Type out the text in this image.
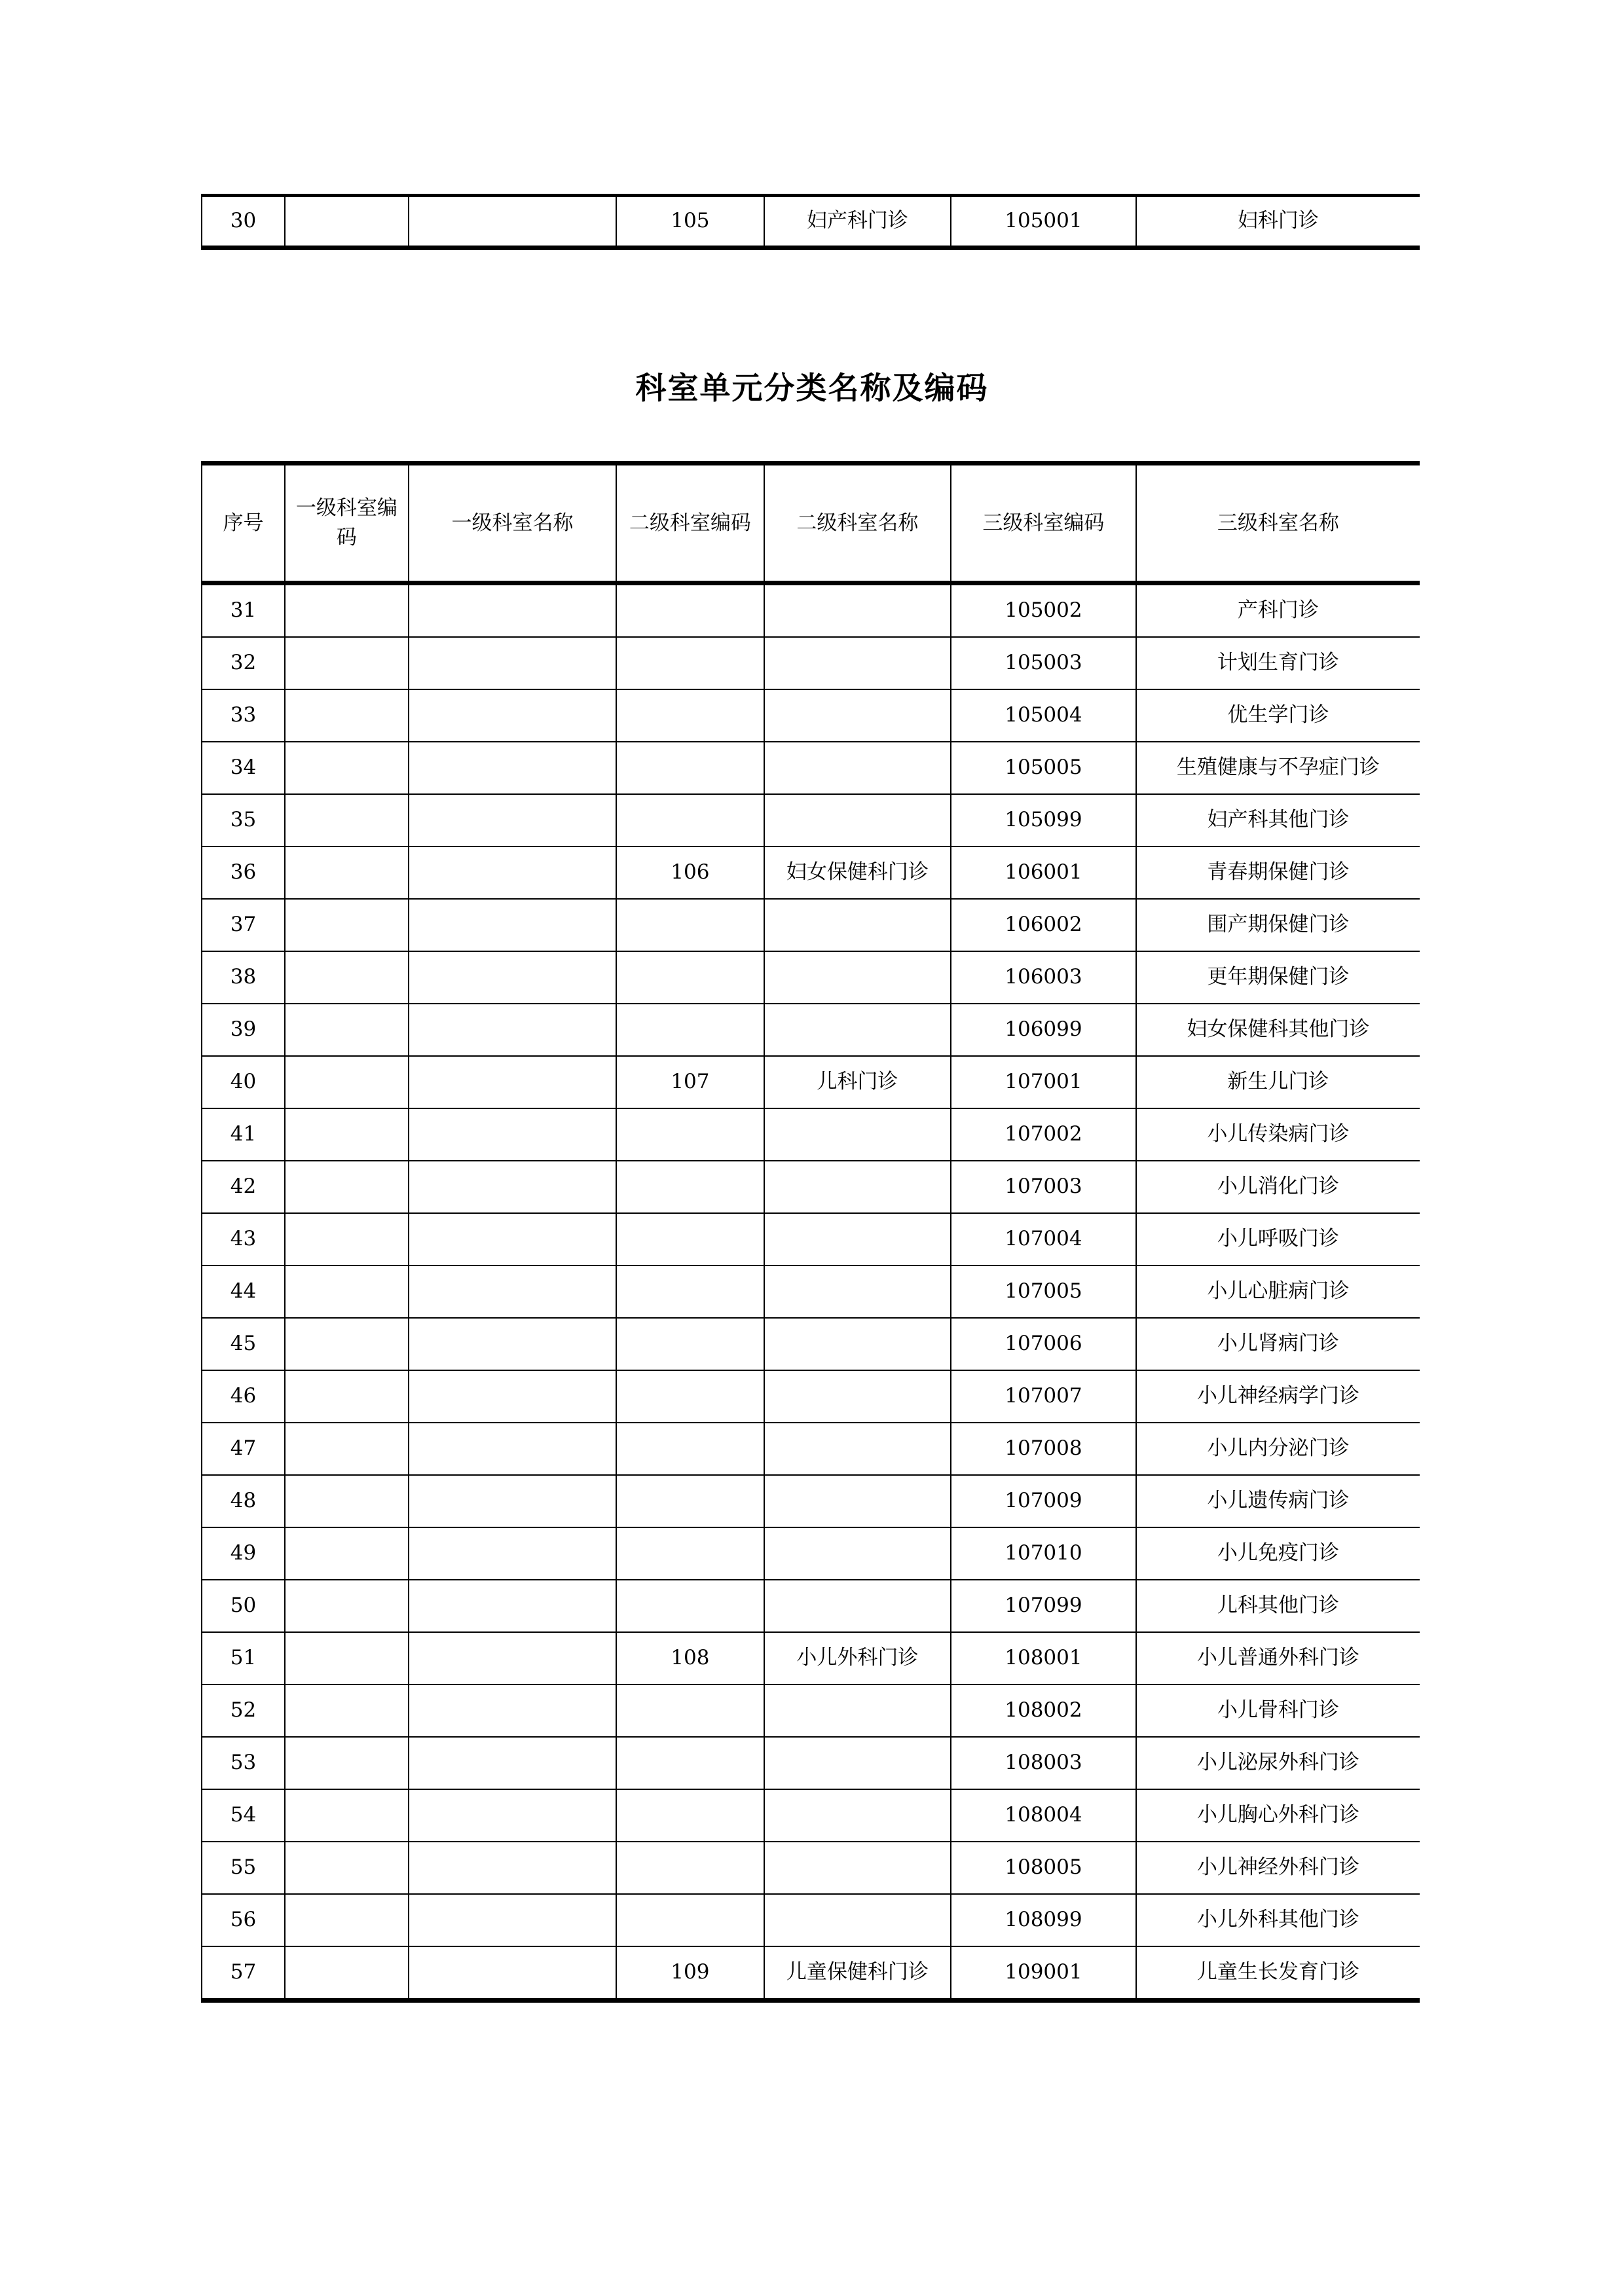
30			105	妇产科门诊	105001	妇科门诊
科室单元分类名称及编码
序号	一级科室编码	一级科室名称	二级科室编码	二级科室名称	三级科室编码	三级科室名称
31					105002	产科门诊
32					105003	计划生育门诊
33					105004	优生学门诊
34					105005	生殖健康与不孕症门诊
35					105099	妇产科其他门诊
36			106	妇女保健科门诊	106001	青春期保健门诊
37					106002	围产期保健门诊
38					106003	更年期保健门诊
39					106099	妇女保健科其他门诊
40			107	儿科门诊	107001	新生儿门诊
41					107002	小儿传染病门诊
42					107003	小儿消化门诊
43					107004	小儿呼吸门诊
44					107005	小儿心脏病门诊
45					107006	小儿肾病门诊
46					107007	小儿神经病学门诊
47					107008	小儿内分泌门诊
48					107009	小儿遗传病门诊
49					107010	小儿免疫门诊
50					107099	儿科其他门诊
51			108	小儿外科门诊	108001	小儿普通外科门诊
52					108002	小儿骨科门诊
53					108003	小儿泌尿外科门诊
54					108004	小儿胸心外科门诊
55					108005	小儿神经外科门诊
56					108099	小儿外科其他门诊
57			109	儿童保健科门诊	109001	儿童生长发育门诊
